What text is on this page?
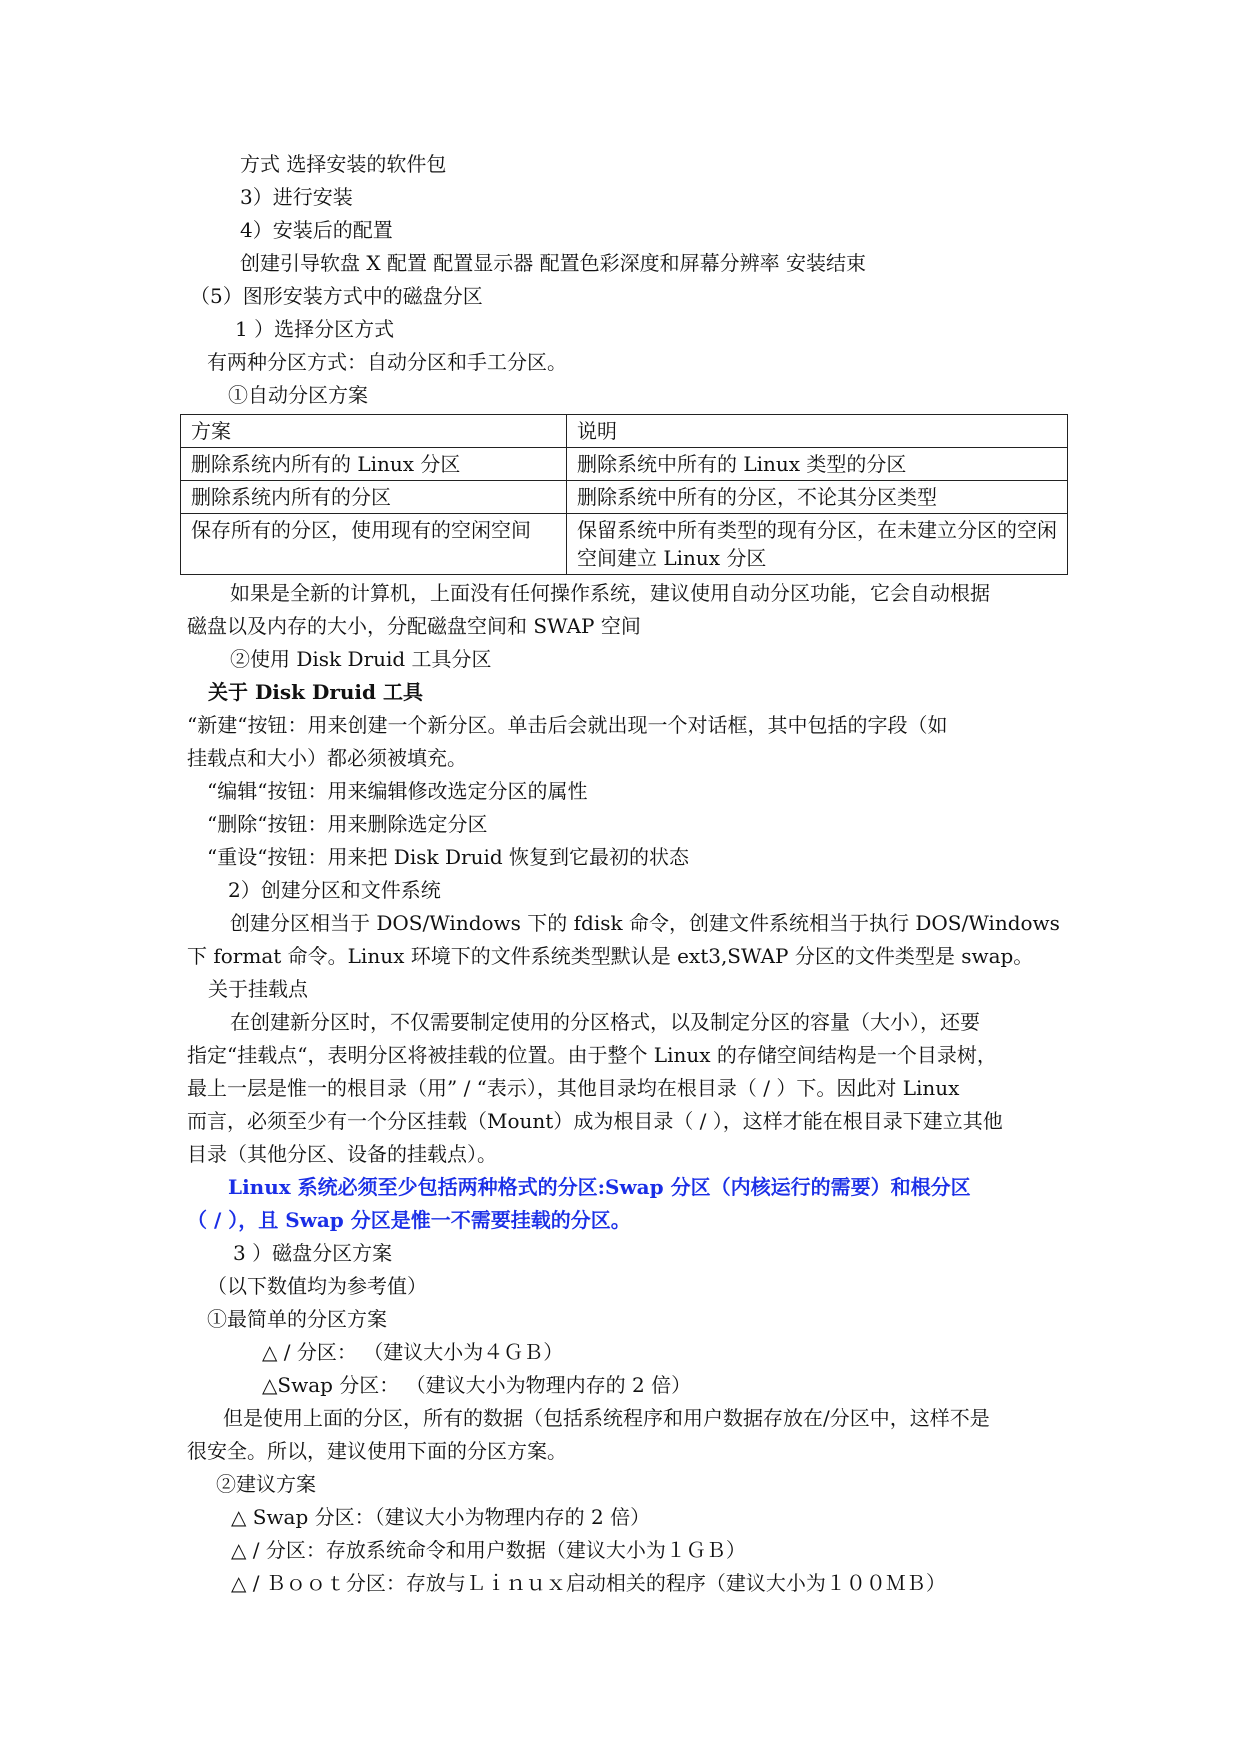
方式 选择安装的软件包
3）进行安装
4）安装后的配置
创建引导软盘 X 配置 配置显示器 配置色彩深度和屏幕分辨率 安装结束
（5）图形安装方式中的磁盘分区
1 ）选择分区方式
有两种分区方式：自动分区和手工分区。
①自动分区方案
方案	说明
删除系统内所有的 Linux 分区	删除系统中所有的 Linux 类型的分区
删除系统内所有的分区	删除系统中所有的分区，不论其分区类型
保存所有的分区，使用现有的空闲空间	保留系统中所有类型的现有分区，在未建立分区的空闲空间建立 Linux 分区
如果是全新的计算机，上面没有任何操作系统，建议使用自动分区功能，它会自动根据
磁盘以及内存的大小，分配磁盘空间和 SWAP 空间
②使用 Disk Druid 工具分区
关于 Disk Druid 工具
“新建“按钮：用来创建一个新分区。单击后会就出现一个对话框，其中包括的字段（如
挂载点和大小）都必须被填充。
“编辑“按钮：用来编辑修改选定分区的属性
“删除“按钮：用来删除选定分区
“重设“按钮：用来把 Disk Druid 恢复到它最初的状态
2）创建分区和文件系统
创建分区相当于 DOS/Windows 下的 fdisk 命令，创建文件系统相当于执行 DOS/Windows
下 format 命令。Linux 环境下的文件系统类型默认是 ext3,SWAP 分区的文件类型是 swap。
关于挂载点
在创建新分区时，不仅需要制定使用的分区格式，以及制定分区的容量（大小），还要
指定“挂载点“，表明分区将被挂载的位置。由于整个 Linux 的存储空间结构是一个目录树，
最上一层是惟一的根目录（用” / “表示），其他目录均在根目录（ / ）下。因此对 Linux
而言，必须至少有一个分区挂载（Mount）成为根目录（ / ），这样才能在根目录下建立其他
目录（其他分区、设备的挂载点）。
Linux 系统必须至少包括两种格式的分区:Swap 分区（内核运行的需要）和根分区
（ / ），且 Swap 分区是惟一不需要挂载的分区。
3 ）磁盘分区方案
（以下数值均为参考值）
①最简单的分区方案
△ / 分区： （建议大小为４ＧＢ）
△Swap 分区： （建议大小为物理内存的 2 倍）
但是使用上面的分区，所有的数据（包括系统程序和用户数据存放在/分区中，这样不是
很安全。所以，建议使用下面的分区方案。
②建议方案
△ Swap 分区：（建议大小为物理内存的 2 倍）
△ / 分区：存放系统命令和用户数据（建议大小为１ＧＢ）
△ / Ｂｏｏｔ分区：存放与Ｌｉｎｕｘ启动相关的程序（建议大小为１００ＭＢ）
